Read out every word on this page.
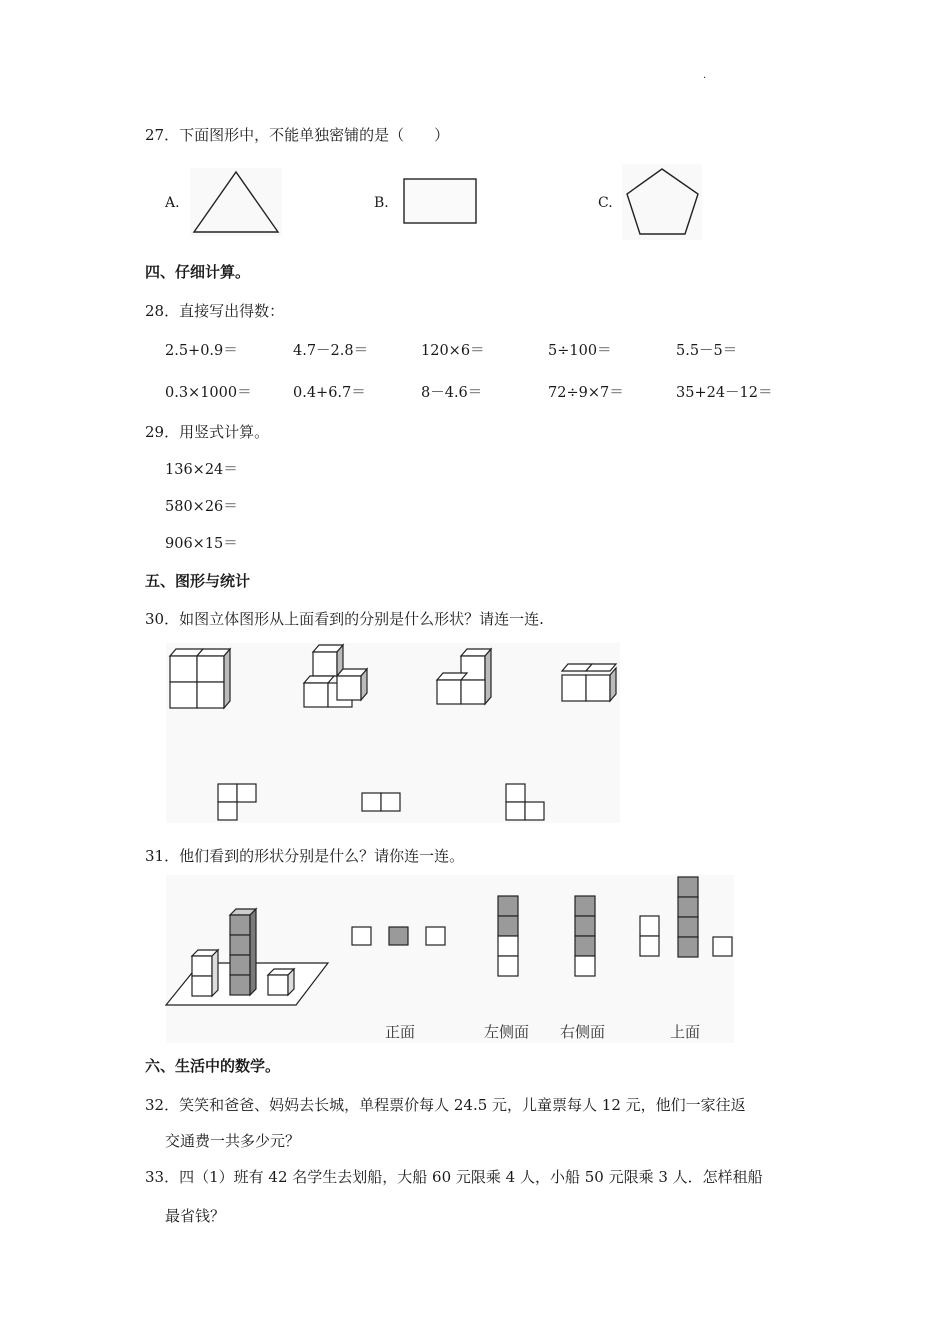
.
27．下面图形中，不能单独密铺的是（　　）
A.	B.	C.
四、仔细计算。
28．直接写出得数：
2.5+0.9＝	4.7－2.8＝	120×6＝	5÷100＝	5.5－5＝
0.3×1000＝	0.4+6.7＝	8－4.6＝	72÷9×7＝	35+24－12＝
29．用竖式计算。
136×24＝
580×26＝
906×15＝
五、图形与统计
30．如图立体图形从上面看到的分别是什么形状？请连一连.
31．他们看到的形状分别是什么？请你连一连。
正面	左侧面 右侧面	上面
六、生活中的数学。
32．笑笑和爸爸、妈妈去长城，单程票价每人 24.5 元，儿童票每人 12 元，他们一家往返
交通费一共多少元？
33．四（1）班有 42 名学生去划船，大船 60 元限乘 4 人，小船 50 元限乘 3 人．怎样租船
最省钱？
